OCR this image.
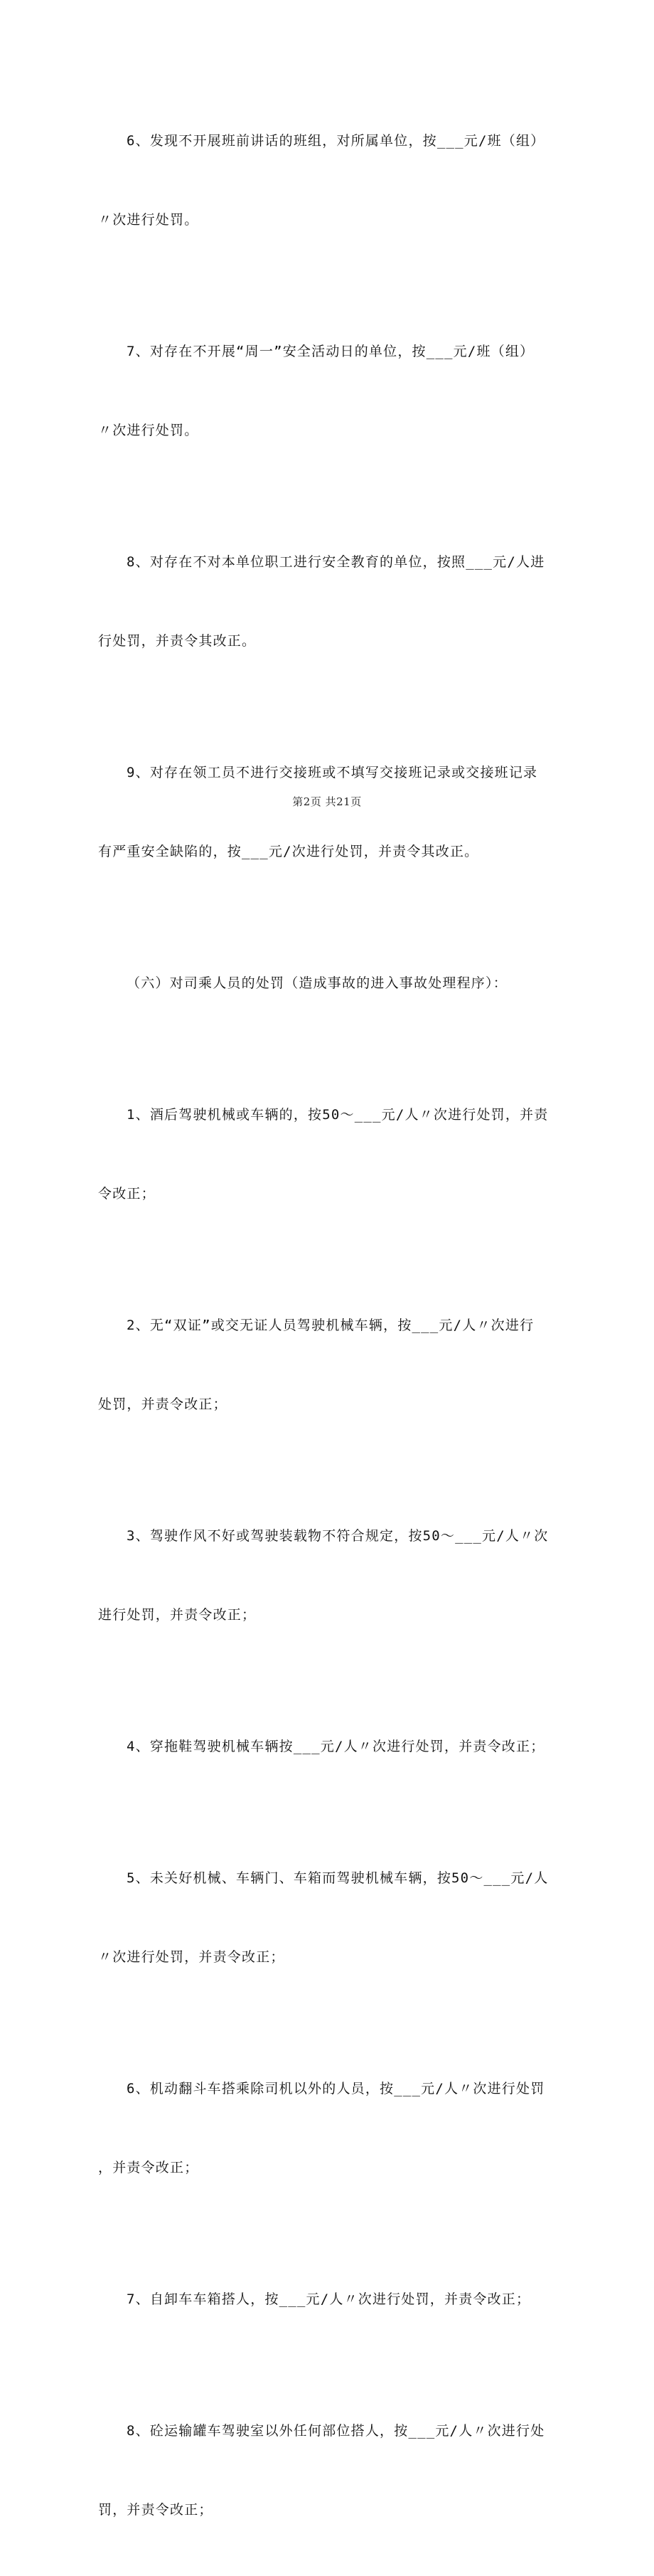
6、发现不开展班前讲话的班组，对所属单位，按___元/班（组）

〃次进行处罚。

7、对存在不开展“周一”安全活动日的单位，按___元/班（组）

〃次进行处罚。

8、对存在不对本单位职工进行安全教育的单位，按照___元/人进

行处罚，并责令其改正。

9、对存在领工员不进行交接班或不填写交接班记录或交接班记录

有严重安全缺陷的，按___元/次进行处罚，并责令其改正。

（六）对司乘人员的处罚（造成事故的进入事故处理程序）：

1、酒后驾驶机械或车辆的，按50～___元/人〃次进行处罚，并责

令改正；

2、无“双证”或交无证人员驾驶机械车辆，按___元/人〃次进行

处罚，并责令改正；

3、驾驶作风不好或驾驶装载物不符合规定，按50～___元/人〃次

进行处罚，并责令改正；

4、穿拖鞋驾驶机械车辆按___元/人〃次进行处罚，并责令改正；

5、未关好机械、车辆门、车箱而驾驶机械车辆，按50～___元/人

〃次进行处罚，并责令改正；

6、机动翻斗车搭乘除司机以外的人员，按___元/人〃次进行处罚

，并责令改正；

7、自卸车车箱搭人，按___元/人〃次进行处罚，并责令改正；

8、砼运输罐车驾驶室以外任何部位搭人，按___元/人〃次进行处

罚，并责令改正；

第2页 共21页
